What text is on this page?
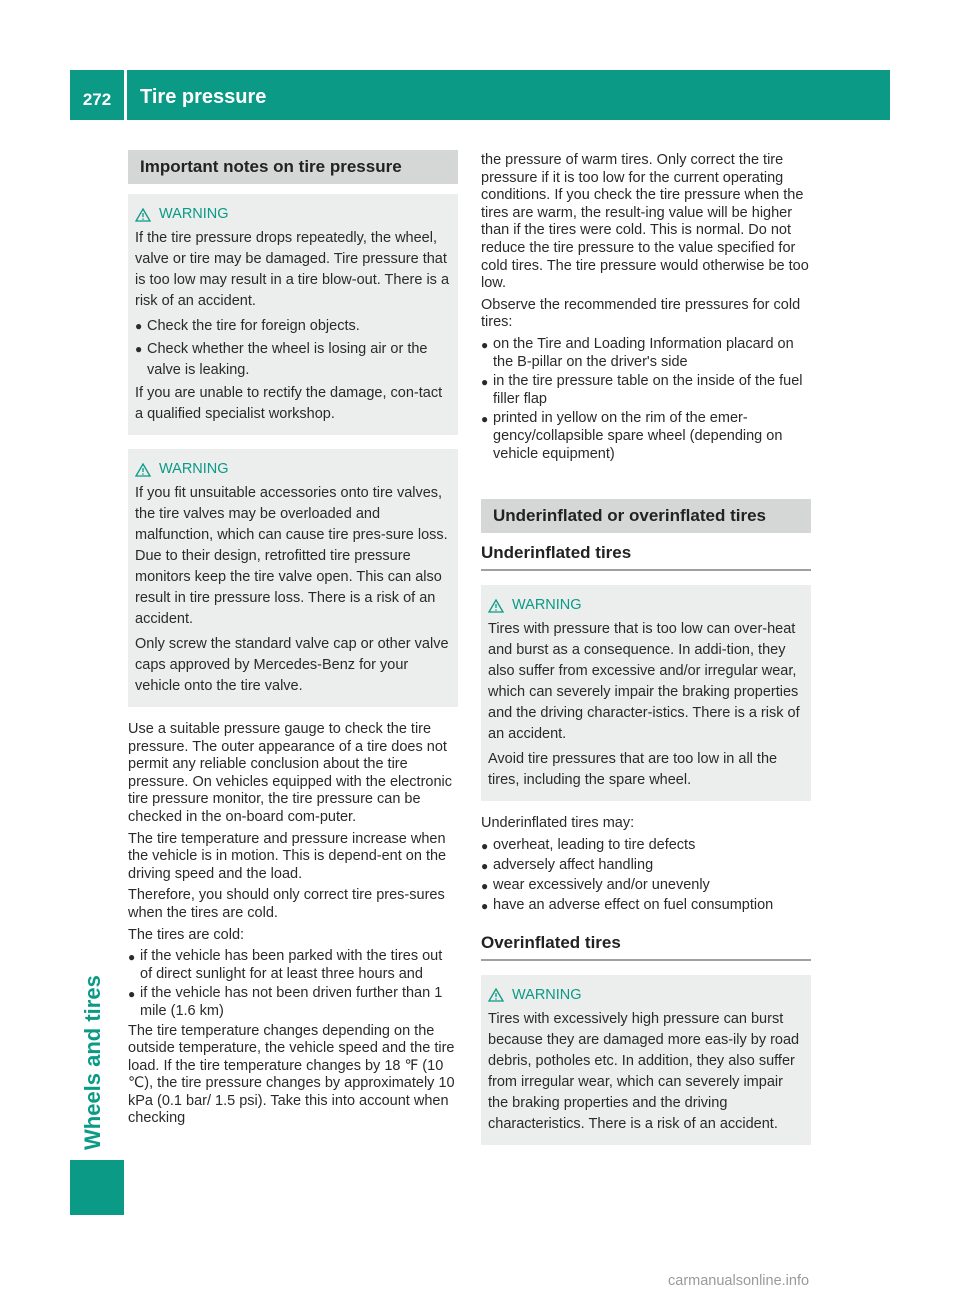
272	Tire pressure
Wheels and tires
Important notes on tire pressure
WARNING

If the tire pressure drops repeatedly, the wheel, valve or tire may be damaged. Tire pressure that is too low may result in a tire blow-out. There is a risk of an accident.

● Check the tire for foreign objects.
● Check whether the wheel is losing air or the valve is leaking.

If you are unable to rectify the damage, con-tact a qualified specialist workshop.

WARNING

If you fit unsuitable accessories onto tire valves, the tire valves may be overloaded and malfunction, which can cause tire pres-sure loss. Due to their design, retrofitted tire pressure monitors keep the tire valve open. This can also result in tire pressure loss. There is a risk of an accident.

Only screw the standard valve cap or other valve caps approved by Mercedes-Benz for your vehicle onto the tire valve.

Use a suitable pressure gauge to check the tire pressure. The outer appearance of a tire does not permit any reliable conclusion about the tire pressure. On vehicles equipped with the electronic tire pressure monitor, the tire pressure can be checked in the on-board com-puter.

The tire temperature and pressure increase when the vehicle is in motion. This is depend-ent on the driving speed and the load.

Therefore, you should only correct tire pres-sures when the tires are cold.

The tires are cold:

● if the vehicle has been parked with the tires out of direct sunlight for at least three hours and
● if the vehicle has not been driven further than 1 mile (1.6 km)

The tire temperature changes depending on the outside temperature, the vehicle speed and the tire load. If the tire temperature changes by 18 ℉ (10 ℃), the tire pressure changes by approximately 10 kPa (0.1 bar/ 1.5 psi). Take this into account when checking

the pressure of warm tires. Only correct the tire pressure if it is too low for the current operating conditions. If you check the tire pressure when the tires are warm, the result-ing value will be higher than if the tires were cold. This is normal. Do not reduce the tire pressure to the value specified for cold tires. The tire pressure would otherwise be too low.

Observe the recommended tire pressures for cold tires:

● on the Tire and Loading Information placard on the B-pillar on the driver's side
● in the tire pressure table on the inside of the fuel filler flap
● printed in yellow on the rim of the emer-gency/collapsible spare wheel (depending on vehicle equipment)
Underinflated or overinflated tires
Underinflated tires
WARNING

Tires with pressure that is too low can over-heat and burst as a consequence. In addi-tion, they also suffer from excessive and/or irregular wear, which can severely impair the braking properties and the driving character-istics. There is a risk of an accident.

Avoid tire pressures that are too low in all the tires, including the spare wheel.

Underinflated tires may:

● overheat, leading to tire defects
● adversely affect handling
● wear excessively and/or unevenly
● have an adverse effect on fuel consumption
Overinflated tires
WARNING

Tires with excessively high pressure can burst because they are damaged more eas-ily by road debris, potholes etc. In addition, they also suffer from irregular wear, which can severely impair the braking properties and the driving characteristics. There is a risk of an accident.

carmanualsonline.info
